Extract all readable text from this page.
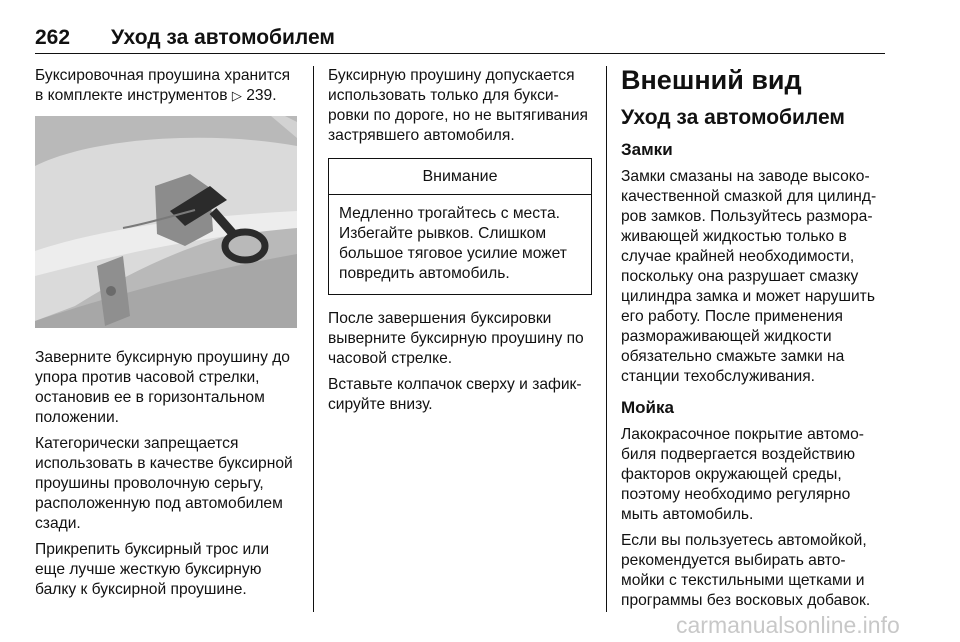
262 Уход за автомобилем

Буксировочная проушина хранится в комплекте инструментов ▷ 239.

Заверните буксирную проушину до упора против часовой стрелки, остановив ее в горизонтальном положении.

Категорически запрещается использовать в качестве буксирной проушины проволочную серьгу, расположенную под автомобилем сзади.

Прикрепить буксирный трос или еще лучше жесткую буксирную балку к буксирной проушине.

Буксирную проушину допускается использовать только для букси-ровки по дороге, но не вытягивания застрявшего автомобиля.

Внимание
Медленно трогайтесь с места. Избегайте рывков. Слишком большое тяговое усилие может повредить автомобиль.

После завершения буксировки выверните буксирную проушину по часовой стрелке.

Вставьте колпачок сверху и зафик-сируйте внизу.

Внешний вид
Уход за автомобилем
Замки

Замки смазаны на заводе высоко-качественной смазкой для цилинд-ров замков. Пользуйтесь размора-живающей жидкостью только в случае крайней необходимости, поскольку она разрушает смазку цилиндра замка и может нарушить его работу. После применения размораживающей жидкости обязательно смажьте замки на станции техобслуживания.

Мойка

Лакокрасочное покрытие автомо-биля подвергается воздействию факторов окружающей среды, поэтому необходимо регулярно мыть автомобиль.

Если вы пользуетесь автомойкой, рекомендуется выбирать авто-мойки с текстильными щетками и программы без восковых добавок.

carmanualsonline.info
